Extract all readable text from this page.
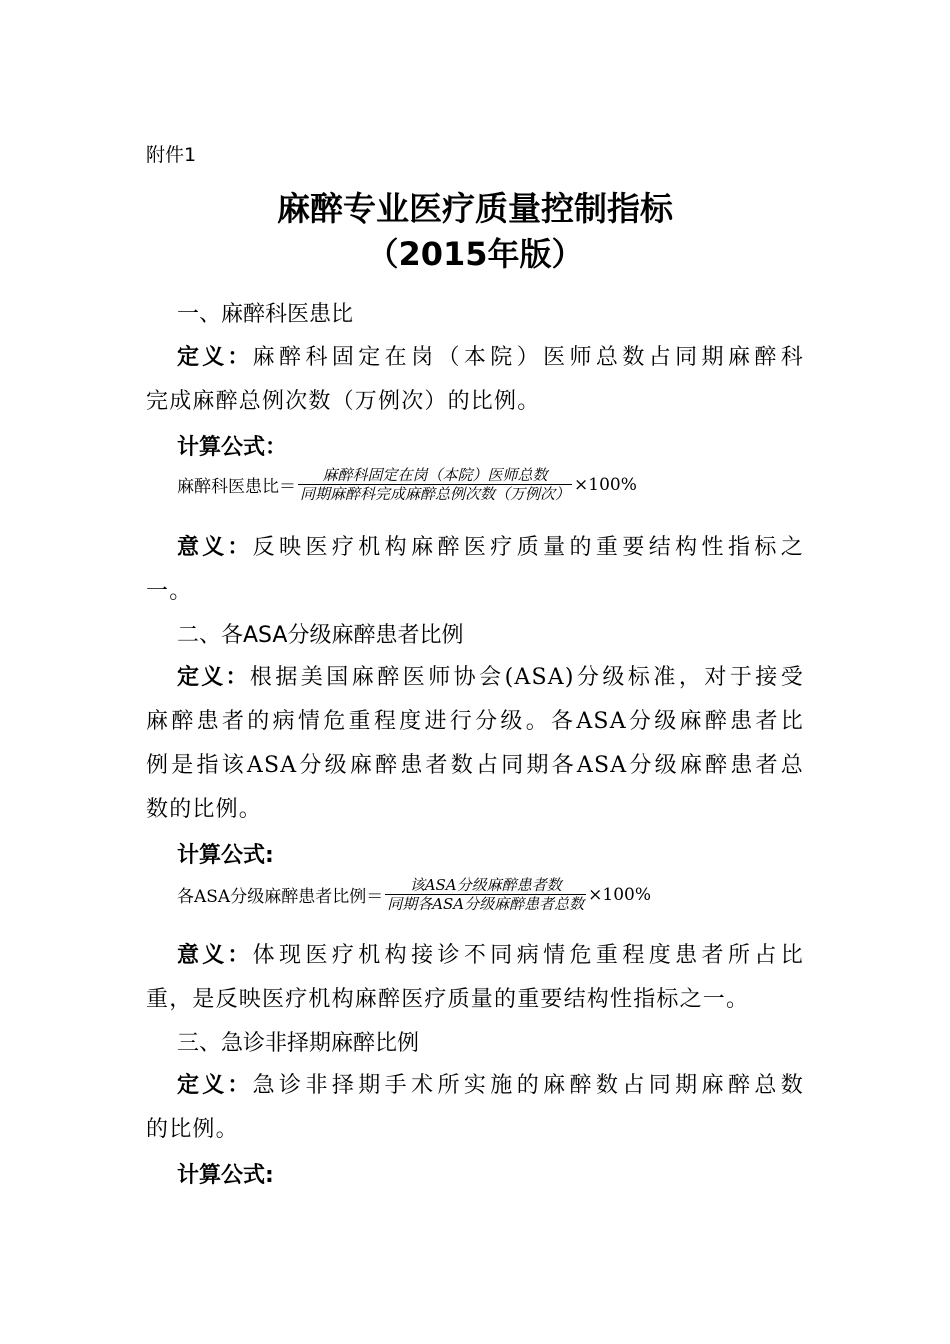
附件1
麻醉专业医疗质量控制指标
（2015年版）
一、麻醉科医患比
定义：麻醉科固定在岗（本院）医师总数占同期麻醉科
完成麻醉总例次数（万例次）的比例。
计算公式：
麻醉科医患比＝ $\frac{\text{麻醉科固定在岗（本院）医师总数}}{\text{同期麻醉科完成麻醉总例次数（万例次）}} \times 100\%$
意义：反映医疗机构麻醉医疗质量的重要结构性指标之
一。
二、各ASA分级麻醉患者比例
定义：根据美国麻醉医师协会(ASA)分级标准，对于接受
麻醉患者的病情危重程度进行分级。各ASA分级麻醉患者比
例是指该ASA分级麻醉患者数占同期各ASA分级麻醉患者总
数的比例。
计算公式:
各ASA分级麻醉患者比例＝ $\frac{\text{该ASA分级麻醉患者数}}{\text{同期各ASA分级麻醉患者总数}} \times 100\%$
意义：体现医疗机构接诊不同病情危重程度患者所占比
重，是反映医疗机构麻醉医疗质量的重要结构性指标之一。
三、急诊非择期麻醉比例
定义：急诊非择期手术所实施的麻醉数占同期麻醉总数
的比例。
计算公式:
